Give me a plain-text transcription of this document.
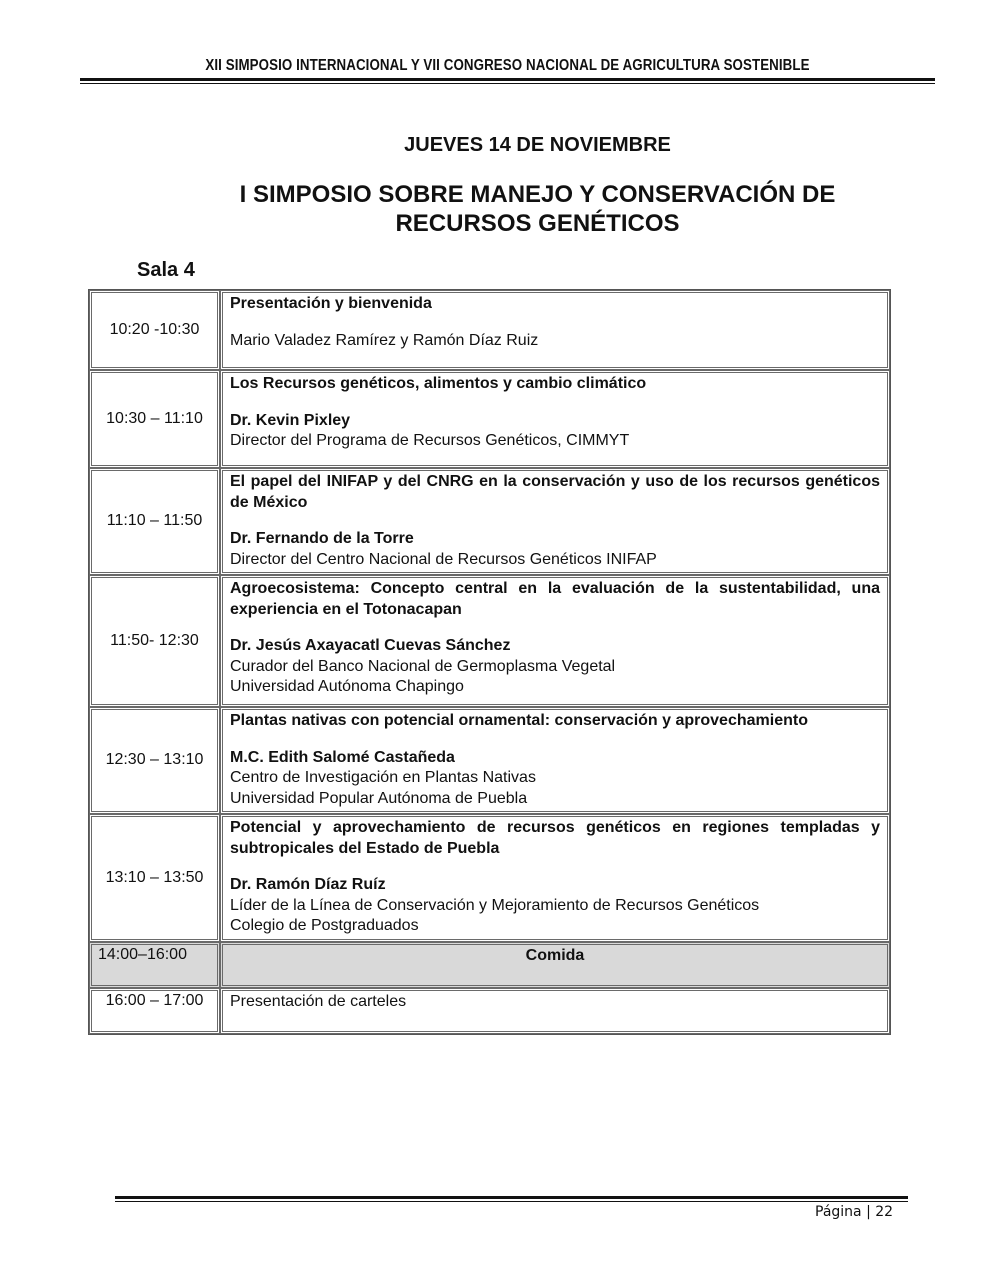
XII SIMPOSIO INTERNACIONAL Y VII CONGRESO NACIONAL DE AGRICULTURA SOSTENIBLE
JUEVES 14 DE NOVIEMBRE
I SIMPOSIO SOBRE MANEJO Y CONSERVACIÓN DE
RECURSOS GENÉTICOS
Sala 4
10:20 -10:30	Presentación y bienvenida
Mario Valadez Ramírez y Ramón Díaz Ruiz

10:30 – 11:10	Los Recursos genéticos, alimentos y cambio climático
Dr. Kevin Pixley
Director del Programa de Recursos Genéticos, CIMMYT

11:10 – 11:50	El papel del INIFAP y del CNRG en la conservación y uso de los recursos genéticos de México
Dr. Fernando de la Torre
Director del Centro Nacional de Recursos Genéticos INIFAP

11:50- 12:30	Agroecosistema: Concepto central en la evaluación de la sustentabilidad, una experiencia en el Totonacapan
Dr. Jesús Axayacatl Cuevas Sánchez
Curador del Banco Nacional de Germoplasma Vegetal
Universidad Autónoma Chapingo

12:30 – 13:10	Plantas nativas con potencial ornamental: conservación y aprovechamiento
M.C. Edith Salomé Castañeda
Centro de Investigación en Plantas Nativas
Universidad Popular Autónoma de Puebla

13:10 – 13:50	Potencial y aprovechamiento de recursos genéticos en regiones templadas y subtropicales del Estado de Puebla
Dr. Ramón Díaz Ruíz
Líder de la Línea de Conservación y Mejoramiento de Recursos Genéticos
Colegio de Postgraduados

14:00–16:00	Comida
16:00 – 17:00	Presentación de carteles
Página | 22
